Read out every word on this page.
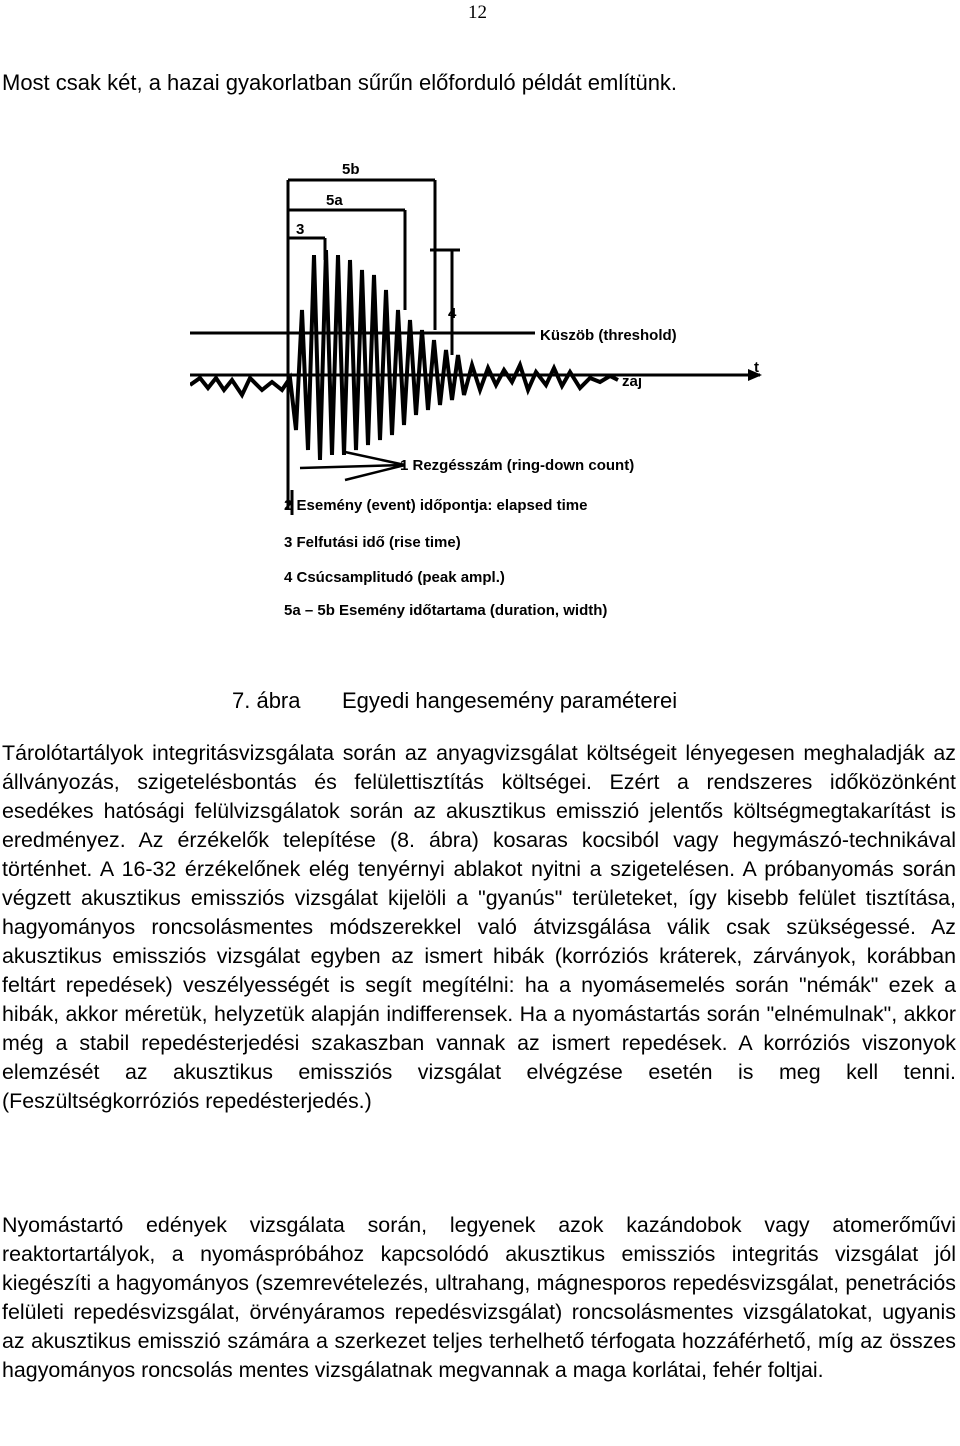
12
Most csak két, a hazai gyakorlatban sűrűn előforduló példát említünk.
5b
5a
3
4
Küszöb (threshold)
t
zaj
1 Rezgésszám (ring-down count)
2 Esemény (event) időpontja: elapsed time
3 Felfutási idő (rise time)
4 Csúcsamplitudó (peak ampl.)
5a – 5b Esemény időtartama (duration, width)
7. ábra Egyedi hangesemény paraméterei

Tárolótartályok integritásvizsgálata során az anyagvizsgálat költségeit lényegesen meghaladják az állványozás, szigetelésbontás és felülettisztítás költségei. Ezért a rendszeres időközönként esedékes hatósági felülvizsgálatok során az akusztikus emisszió jelentős költségmegtakarítást is eredményez. Az érzékelők telepítése (8. ábra) kosaras kocsiból vagy hegymászó-technikával történhet. A 16-32 érzékelőnek elég tenyérnyi ablakot nyitni a szigetelésen. A próbanyomás során végzett akusztikus emissziós vizsgálat kijelöli a "gyanús" területeket, így kisebb felület tisztítása, hagyományos roncsolásmentes módszerekkel való átvizsgálása válik csak szükségessé. Az akusztikus emissziós vizsgálat egyben az ismert hibák (korróziós kráterek, zárványok, korábban feltárt repedések) veszélyességét is segít megítélni: ha a nyomásemelés során "némák" ezek a hibák, akkor méretük, helyzetük alapján indifferensek. Ha a nyomástartás során "elnémulnak", akkor még a stabil repedésterjedési szakaszban vannak az ismert repedések. A korróziós viszonyok elemzését az akusztikus emissziós vizsgálat elvégzése esetén is meg kell tenni. (Feszültségkorróziós repedésterjedés.)

Nyomástartó edények vizsgálata során, legyenek azok kazándobok vagy atomerőművi reaktortartályok, a nyomáspróbához kapcsolódó akusztikus emissziós integritás vizsgálat jól kiegészíti a hagyományos (szemrevételezés, ultrahang, mágnesporos repedésvizsgálat, penetrációs felületi repedésvizsgálat, örvényáramos repedésvizsgálat) roncsolásmentes vizsgálatokat, ugyanis az akusztikus emisszió számára a szerkezet teljes terhelhető térfogata hozzáférhető, míg az összes hagyományos roncsolás mentes vizsgálatnak megvannak a maga korlátai, fehér foltjai.
